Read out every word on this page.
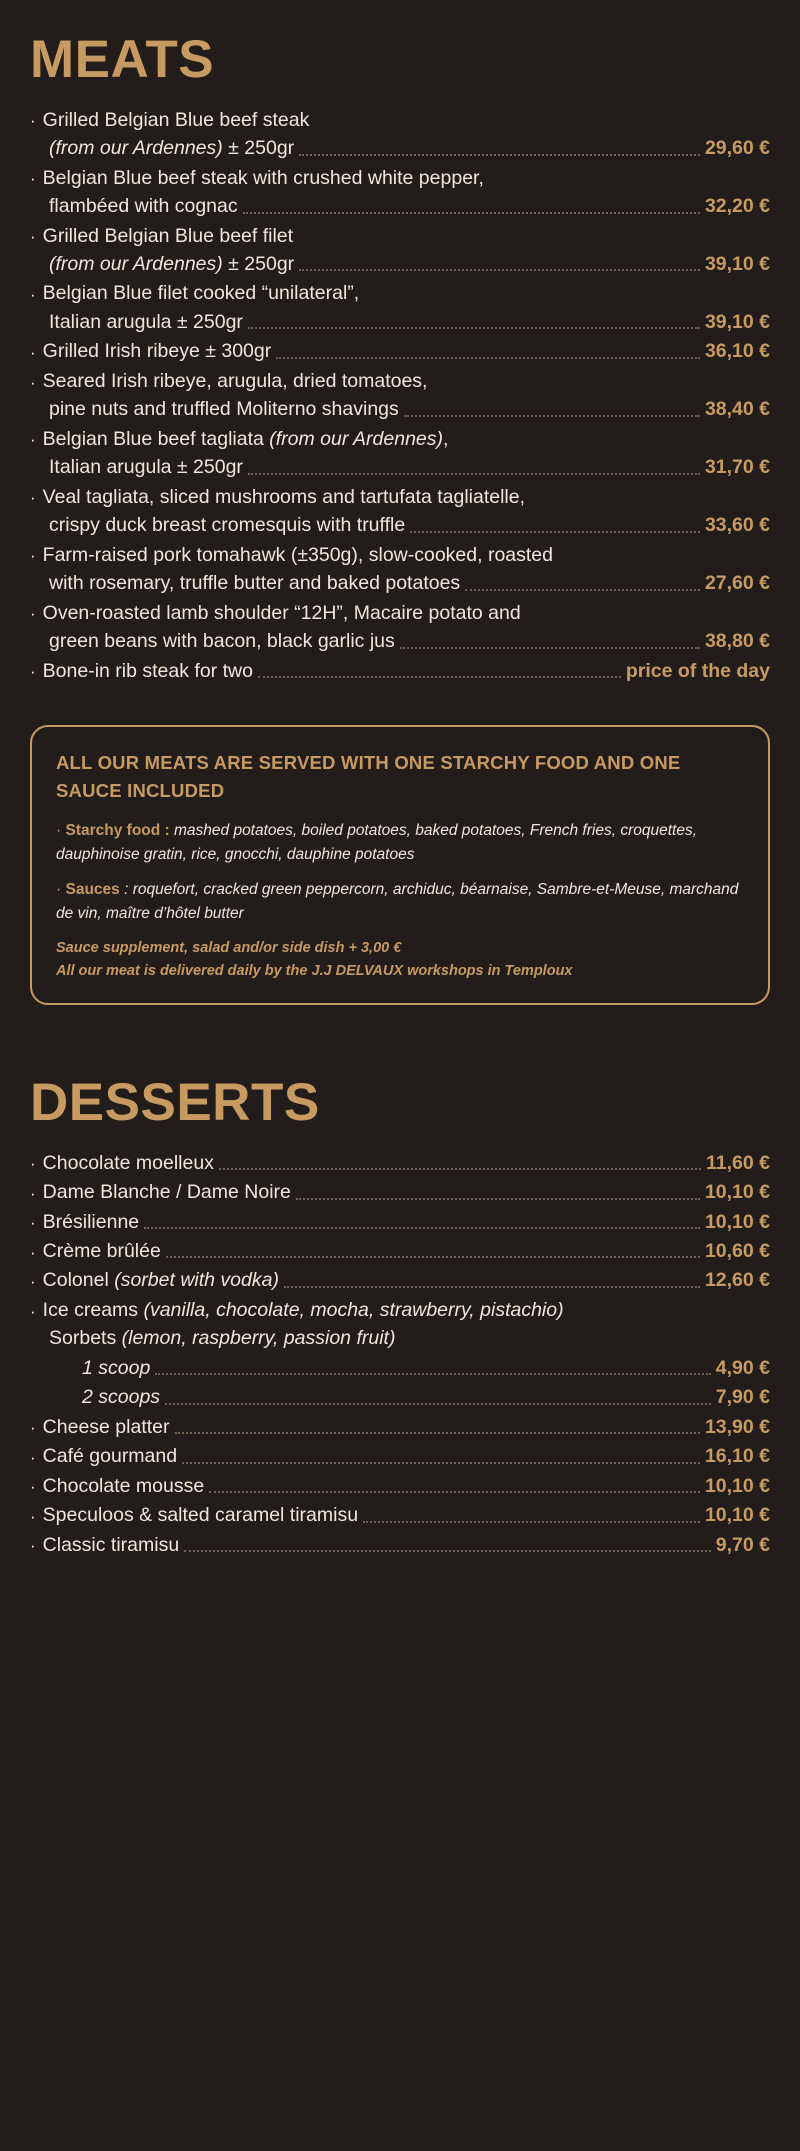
MEATS
· Grilled Belgian Blue beef steak
(from our Ardennes) ± 250gr	29,60 €
· Belgian Blue beef steak with crushed white pepper,
flambéed with cognac	32,20 €
· Grilled Belgian Blue beef filet
(from our Ardennes) ± 250gr	39,10 €
· Belgian Blue filet cooked “unilateral”,
Italian arugula ± 250gr	39,10 €
· Grilled Irish ribeye ± 300gr	36,10 €
· Seared Irish ribeye, arugula, dried tomatoes,
pine nuts and truffled Moliterno shavings	38,40 €
· Belgian Blue beef tagliata (from our Ardennes),
Italian arugula ± 250gr	31,70 €
· Veal tagliata, sliced mushrooms and tartufata tagliatelle,
crispy duck breast cromesquis with truffle	33,60 €
· Farm-raised pork tomahawk (±350g), slow-cooked, roasted
with rosemary, truffle butter and baked potatoes	27,60 €
· Oven-roasted lamb shoulder “12H”, Macaire potato and
green beans with bacon, black garlic jus	38,80 €
· Bone-in rib steak for two	price of the day
ALL OUR MEATS ARE SERVED WITH ONE STARCHY FOOD AND ONE SAUCE INCLUDED
· Starchy food : mashed potatoes, boiled potatoes, baked potatoes, French fries, croquettes, dauphinoise gratin, rice, gnocchi, dauphine potatoes
· Sauces : roquefort, cracked green peppercorn, archiduc, béarnaise, Sambre-et-Meuse, marchand de vin, maître d’hôtel butter
Sauce supplement, salad and/or side dish + 3,00 €
All our meat is delivered daily by the J.J DELVAUX workshops in Temploux
DESSERTS
· Chocolate moelleux	11,60 €
· Dame Blanche / Dame Noire	10,10 €
· Brésilienne	10,10 €
· Crème brûlée	10,60 €
· Colonel (sorbet with vodka)	12,60 €
· Ice creams (vanilla, chocolate, mocha, strawberry, pistachio)
Sorbets (lemon, raspberry, passion fruit)
1 scoop	4,90 €
2 scoops	7,90 €
· Cheese platter	13,90 €
· Café gourmand	16,10 €
· Chocolate mousse	10,10 €
· Speculoos & salted caramel tiramisu	10,10 €
· Classic tiramisu	9,70 €
